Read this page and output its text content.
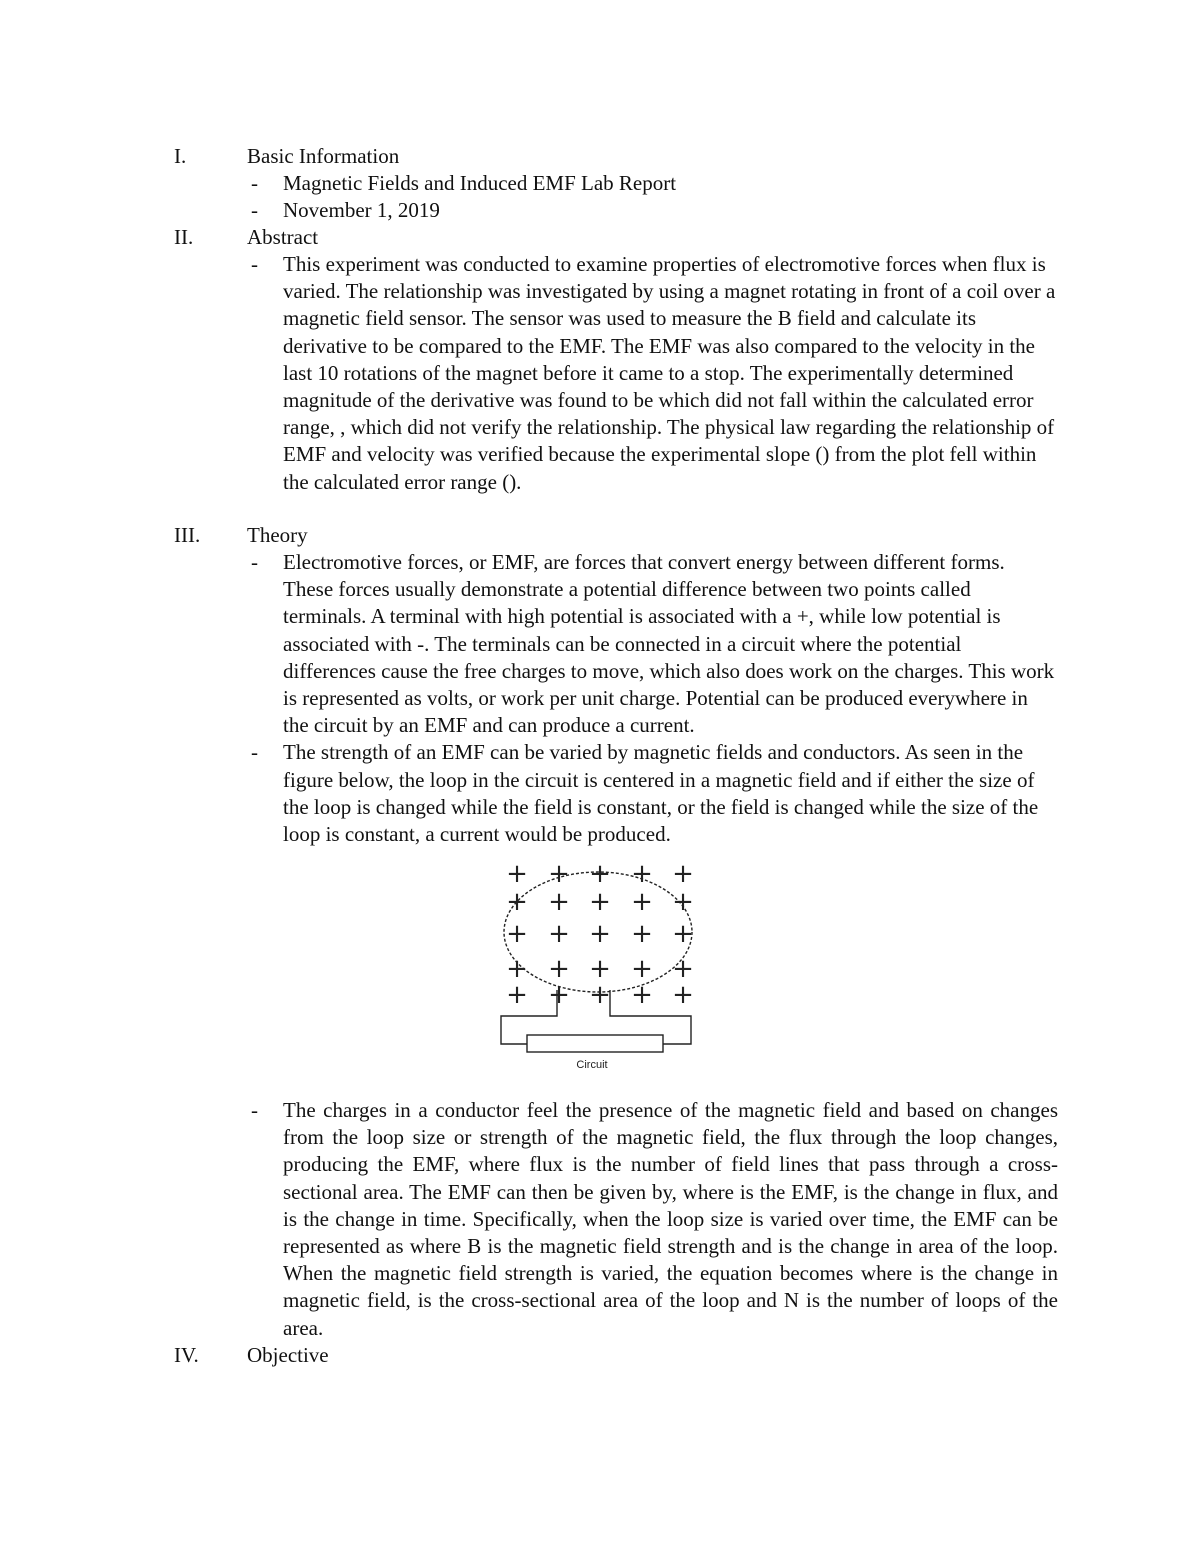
I.	Basic Information
- Magnetic Fields and Induced EMF Lab Report
- November 1, 2019
II.	Abstract
- This experiment was conducted to examine properties of electromotive forces when flux is varied. The relationship was investigated by using a magnet rotating in front of a coil over a magnetic field sensor. The sensor was used to measure the B field and calculate its derivative to be compared to the EMF. The EMF was also compared to the velocity in the last 10 rotations of the magnet before it came to a stop. The experimentally determined magnitude of the derivative was found to be which did not fall within the calculated error range, , which did not verify the relationship. The physical law regarding the relationship of EMF and velocity was verified because the experimental slope () from the plot fell within the calculated error range ().
III. Theory
- Electromotive forces, or EMF, are forces that convert energy between different forms. These forces usually demonstrate a potential difference between two points called terminals. A terminal with high potential is associated with a +, while low potential is associated with -. The terminals can be connected in a circuit where the potential differences cause the free charges to move, which also does work on the charges. This work is represented as volts, or work per unit charge. Potential can be produced everywhere in the circuit by an EMF and can produce a current.
- The strength of an EMF can be varied by magnetic fields and conductors. As seen in the figure below, the loop in the circuit is centered in a magnetic field and if either the size of the loop is changed while the field is constant, or the field is changed while the size of the loop is constant, a current would be produced.
+ + + + +
+ + + + +
+ + + + +
+ + + + +
+ + + + +
Circuit
- The charges in a conductor feel the presence of the magnetic field and based on changes from the loop size or strength of the magnetic field, the flux through the loop changes, producing the EMF, where flux is the number of field lines that pass through a cross-sectional area. The EMF can then be given by, where is the EMF, is the change in flux, and is the change in time. Specifically, when the loop size is varied over time, the EMF can be represented as where B is the magnetic field strength and is the change in area of the loop. When the magnetic field strength is varied, the equation becomes where is the change in magnetic field, is the cross-sectional area of the loop and N is the number of loops of the area.
IV. Objective
